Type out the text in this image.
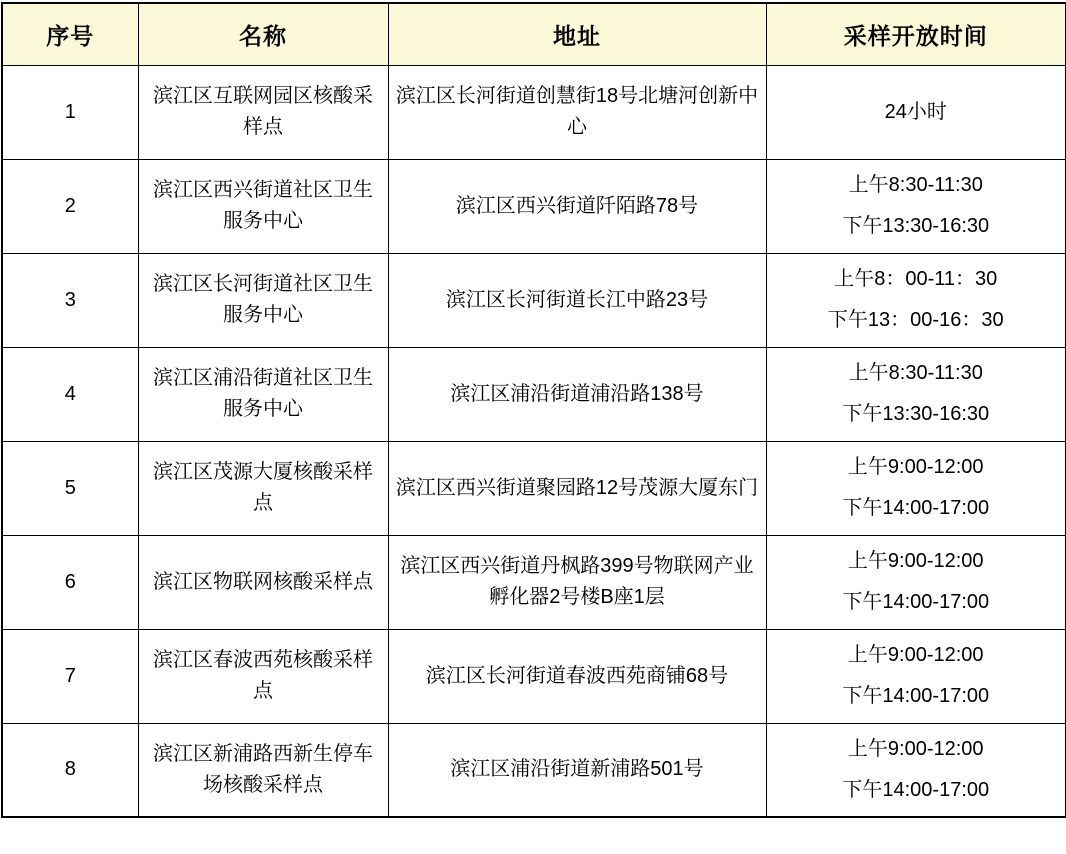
序号	名称	地址	采样开放时间
1	滨江区互联网园区核酸采样点	滨江区长河街道创慧街18号北塘河创新中心	24小时

2	滨江区西兴街道社区卫生服务中心	滨江区西兴街道阡陌路78号	上午8:30-11:30
下午13:30-16:30

3	滨江区长河街道社区卫生服务中心	滨江区长河街道长江中路23号	上午8：00-11：30
下午13：00-16：30

4	滨江区浦沿街道社区卫生服务中心	滨江区浦沿街道浦沿路138号	上午8:30-11:30
下午13:30-16:30

5	滨江区茂源大厦核酸采样点	滨江区西兴街道聚园路12号茂源大厦东门	上午9:00-12:00
下午14:00-17:00

6	滨江区物联网核酸采样点	滨江区西兴街道丹枫路399号物联网产业孵化器2号楼B座1层	上午9:00-12:00
下午14:00-17:00

7	滨江区春波西苑核酸采样点	滨江区长河街道春波西苑商铺68号	上午9:00-12:00
下午14:00-17:00

8	滨江区新浦路西新生停车场核酸采样点	滨江区浦沿街道新浦路501号	上午9:00-12:00
下午14:00-17:00
